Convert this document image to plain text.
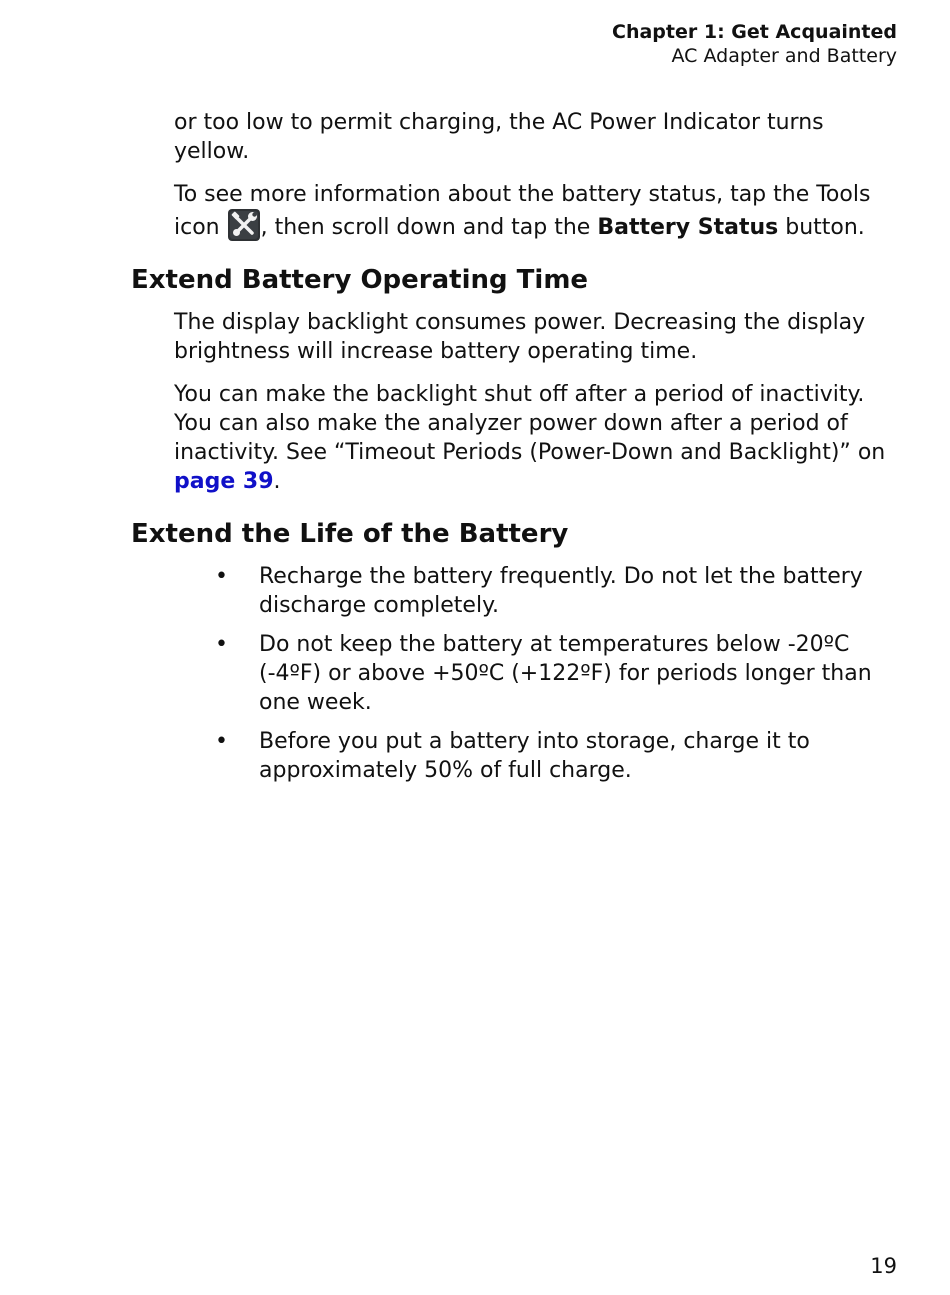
Chapter 1: Get Acquainted
AC Adapter and Battery

or too low to permit charging, the AC Power Indicator turns yellow.

To see more information about the battery status, tap the Tools icon , then scroll down and tap the Battery Status button.

Extend Battery Operating Time

The display backlight consumes power. Decreasing the display brightness will increase battery operating time.

You can make the backlight shut off after a period of inactivity. You can also make the analyzer power down after a period of inactivity. See “Timeout Periods (Power-Down and Backlight)” on page 39.

Extend the Life of the Battery
• Recharge the battery frequently. Do not let the battery discharge completely.
• Do not keep the battery at temperatures below -20ºC (-4ºF) or above +50ºC (+122ºF) for periods longer than one week.
• Before you put a battery into storage, charge it to approximately 50% of full charge.
19
